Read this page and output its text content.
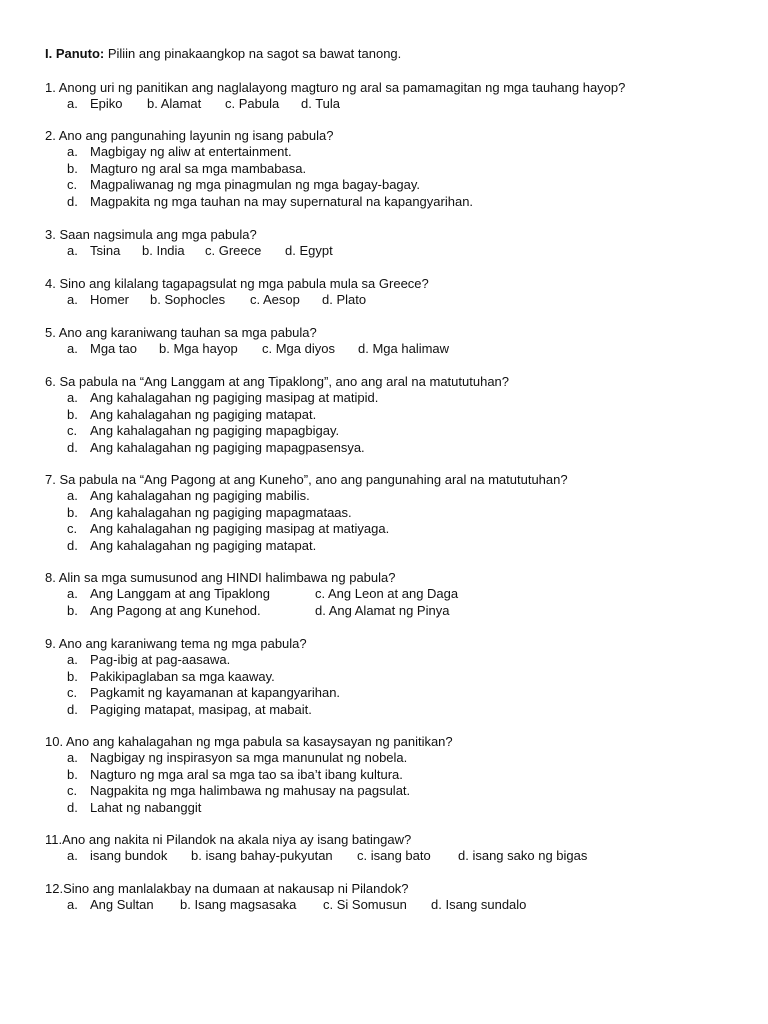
I. Panuto: Piliin ang pinakaangkop na sagot sa bawat tanong.
1. Anong uri ng panitikan ang naglalayong magturo ng aral sa pamamagitan ng mga tauhang hayop?
a. Epiko b. Alamat c. Pabula d. Tula
2. Ano ang pangunahing layunin ng isang pabula?
a. Magbigay ng aliw at entertainment.
b. Magturo ng aral sa mga mambabasa.
c. Magpaliwanag ng mga pinagmulan ng mga bagay-bagay.
d. Magpakita ng mga tauhan na may supernatural na kapangyarihan.
3. Saan nagsimula ang mga pabula?
a. Tsina b. India c. Greece d. Egypt
4. Sino ang kilalang tagapagsulat ng mga pabula mula sa Greece?
a. Homer b. Sophocles c. Aesop d. Plato
5. Ano ang karaniwang tauhan sa mga pabula?
a. Mga tao b. Mga hayop c. Mga diyos d. Mga halimaw
6. Sa pabula na “Ang Langgam at ang Tipaklong”, ano ang aral na matututuhan?
a. Ang kahalagahan ng pagiging masipag at matipid.
b. Ang kahalagahan ng pagiging matapat.
c. Ang kahalagahan ng pagiging mapagbigay.
d. Ang kahalagahan ng pagiging mapagpasensya.
7. Sa pabula na “Ang Pagong at ang Kuneho”, ano ang pangunahing aral na matututuhan?
a. Ang kahalagahan ng pagiging mabilis.
b. Ang kahalagahan ng pagiging mapagmataas.
c. Ang kahalagahan ng pagiging masipag at matiyaga.
d. Ang kahalagahan ng pagiging matapat.
8. Alin sa mga sumusunod ang HINDI halimbawa ng pabula?
a. Ang Langgam at ang Tipaklong	c. Ang Leon at ang Daga
b. Ang Pagong at ang Kunehod.	d. Ang Alamat ng Pinya
9. Ano ang karaniwang tema ng mga pabula?
a. Pag-ibig at pag-aasawa.
b. Pakikipaglaban sa mga kaaway.
c. Pagkamit ng kayamanan at kapangyarihan.
d. Pagiging matapat, masipag, at mabait.
10. Ano ang kahalagahan ng mga pabula sa kasaysayan ng panitikan?
a. Nagbigay ng inspirasyon sa mga manunulat ng nobela.
b. Nagturo ng mga aral sa mga tao sa iba’t ibang kultura.
c. Nagpakita ng mga halimbawa ng mahusay na pagsulat.
d. Lahat ng nabanggit
11.Ano ang nakita ni Pilandok na akala niya ay isang batingaw?
a. isang bundok b. isang bahay-pukyutan c. isang bato d. isang sako ng bigas
12.Sino ang manlalakbay na dumaan at nakausap ni Pilandok?
a. Ang Sultan b. Isang magsasaka c. Si Somusun d. Isang sundalo
